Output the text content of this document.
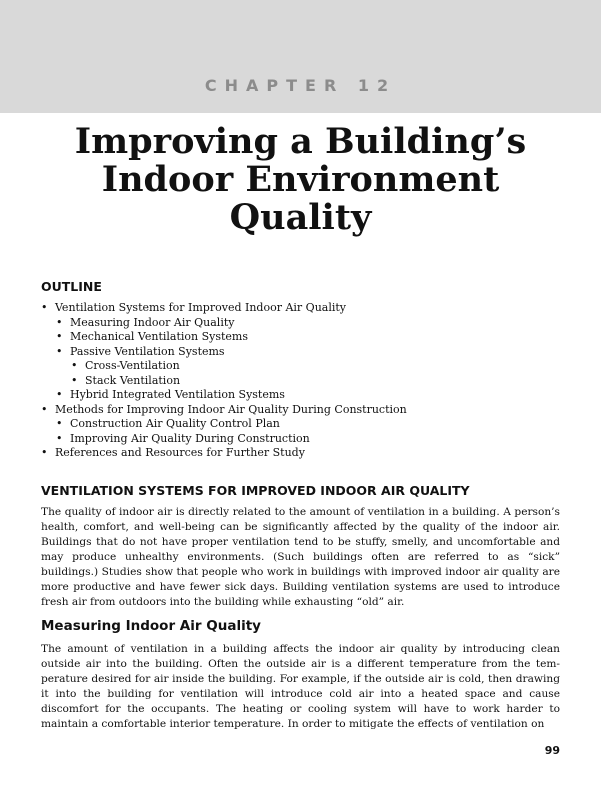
CHAPTER 12
Improving a Building’s
Indoor Environment
Quality
OUTLINE
• Ventilation Systems for Improved Indoor Air Quality
• Measuring Indoor Air Quality
• Mechanical Ventilation Systems
• Passive Ventilation Systems
• Cross-Ventilation
• Stack Ventilation
• Hybrid Integrated Ventilation Systems
• Methods for Improving Indoor Air Quality During Construction
• Construction Air Quality Control Plan
• Improving Air Quality During Construction
• References and Resources for Further Study
VENTILATION SYSTEMS FOR IMPROVED INDOOR AIR QUALITY

The quality of indoor air is directly related to the amount of ventilation in a building. A person’s health, comfort, and well-being can be significantly affected by the quality of the indoor air. Buildings that do not have proper ventilation tend to be stuffy, smelly, and uncomfortable and may produce unhealthy environments. (Such buildings often are referred to as “sick” buildings.) Studies show that people who work in buildings with improved indoor air quality are more productive and have fewer sick days. Building ventilation systems are used to introduce fresh air from outdoors into the building while exhausting “old” air.

Measuring Indoor Air Quality

The amount of ventilation in a building affects the indoor air quality by introducing clean outside air into the building. Often the outside air is a different temperature from the temperature desired for air inside the building. For example, if the outside air is cold, then drawing it into the building for ventilation will introduce cold air into a heated space and cause discomfort for the occupants. The heating or cooling system will have to work harder to maintain a comfortable interior temperature. In order to mitigate the effects of ventilation on

99
